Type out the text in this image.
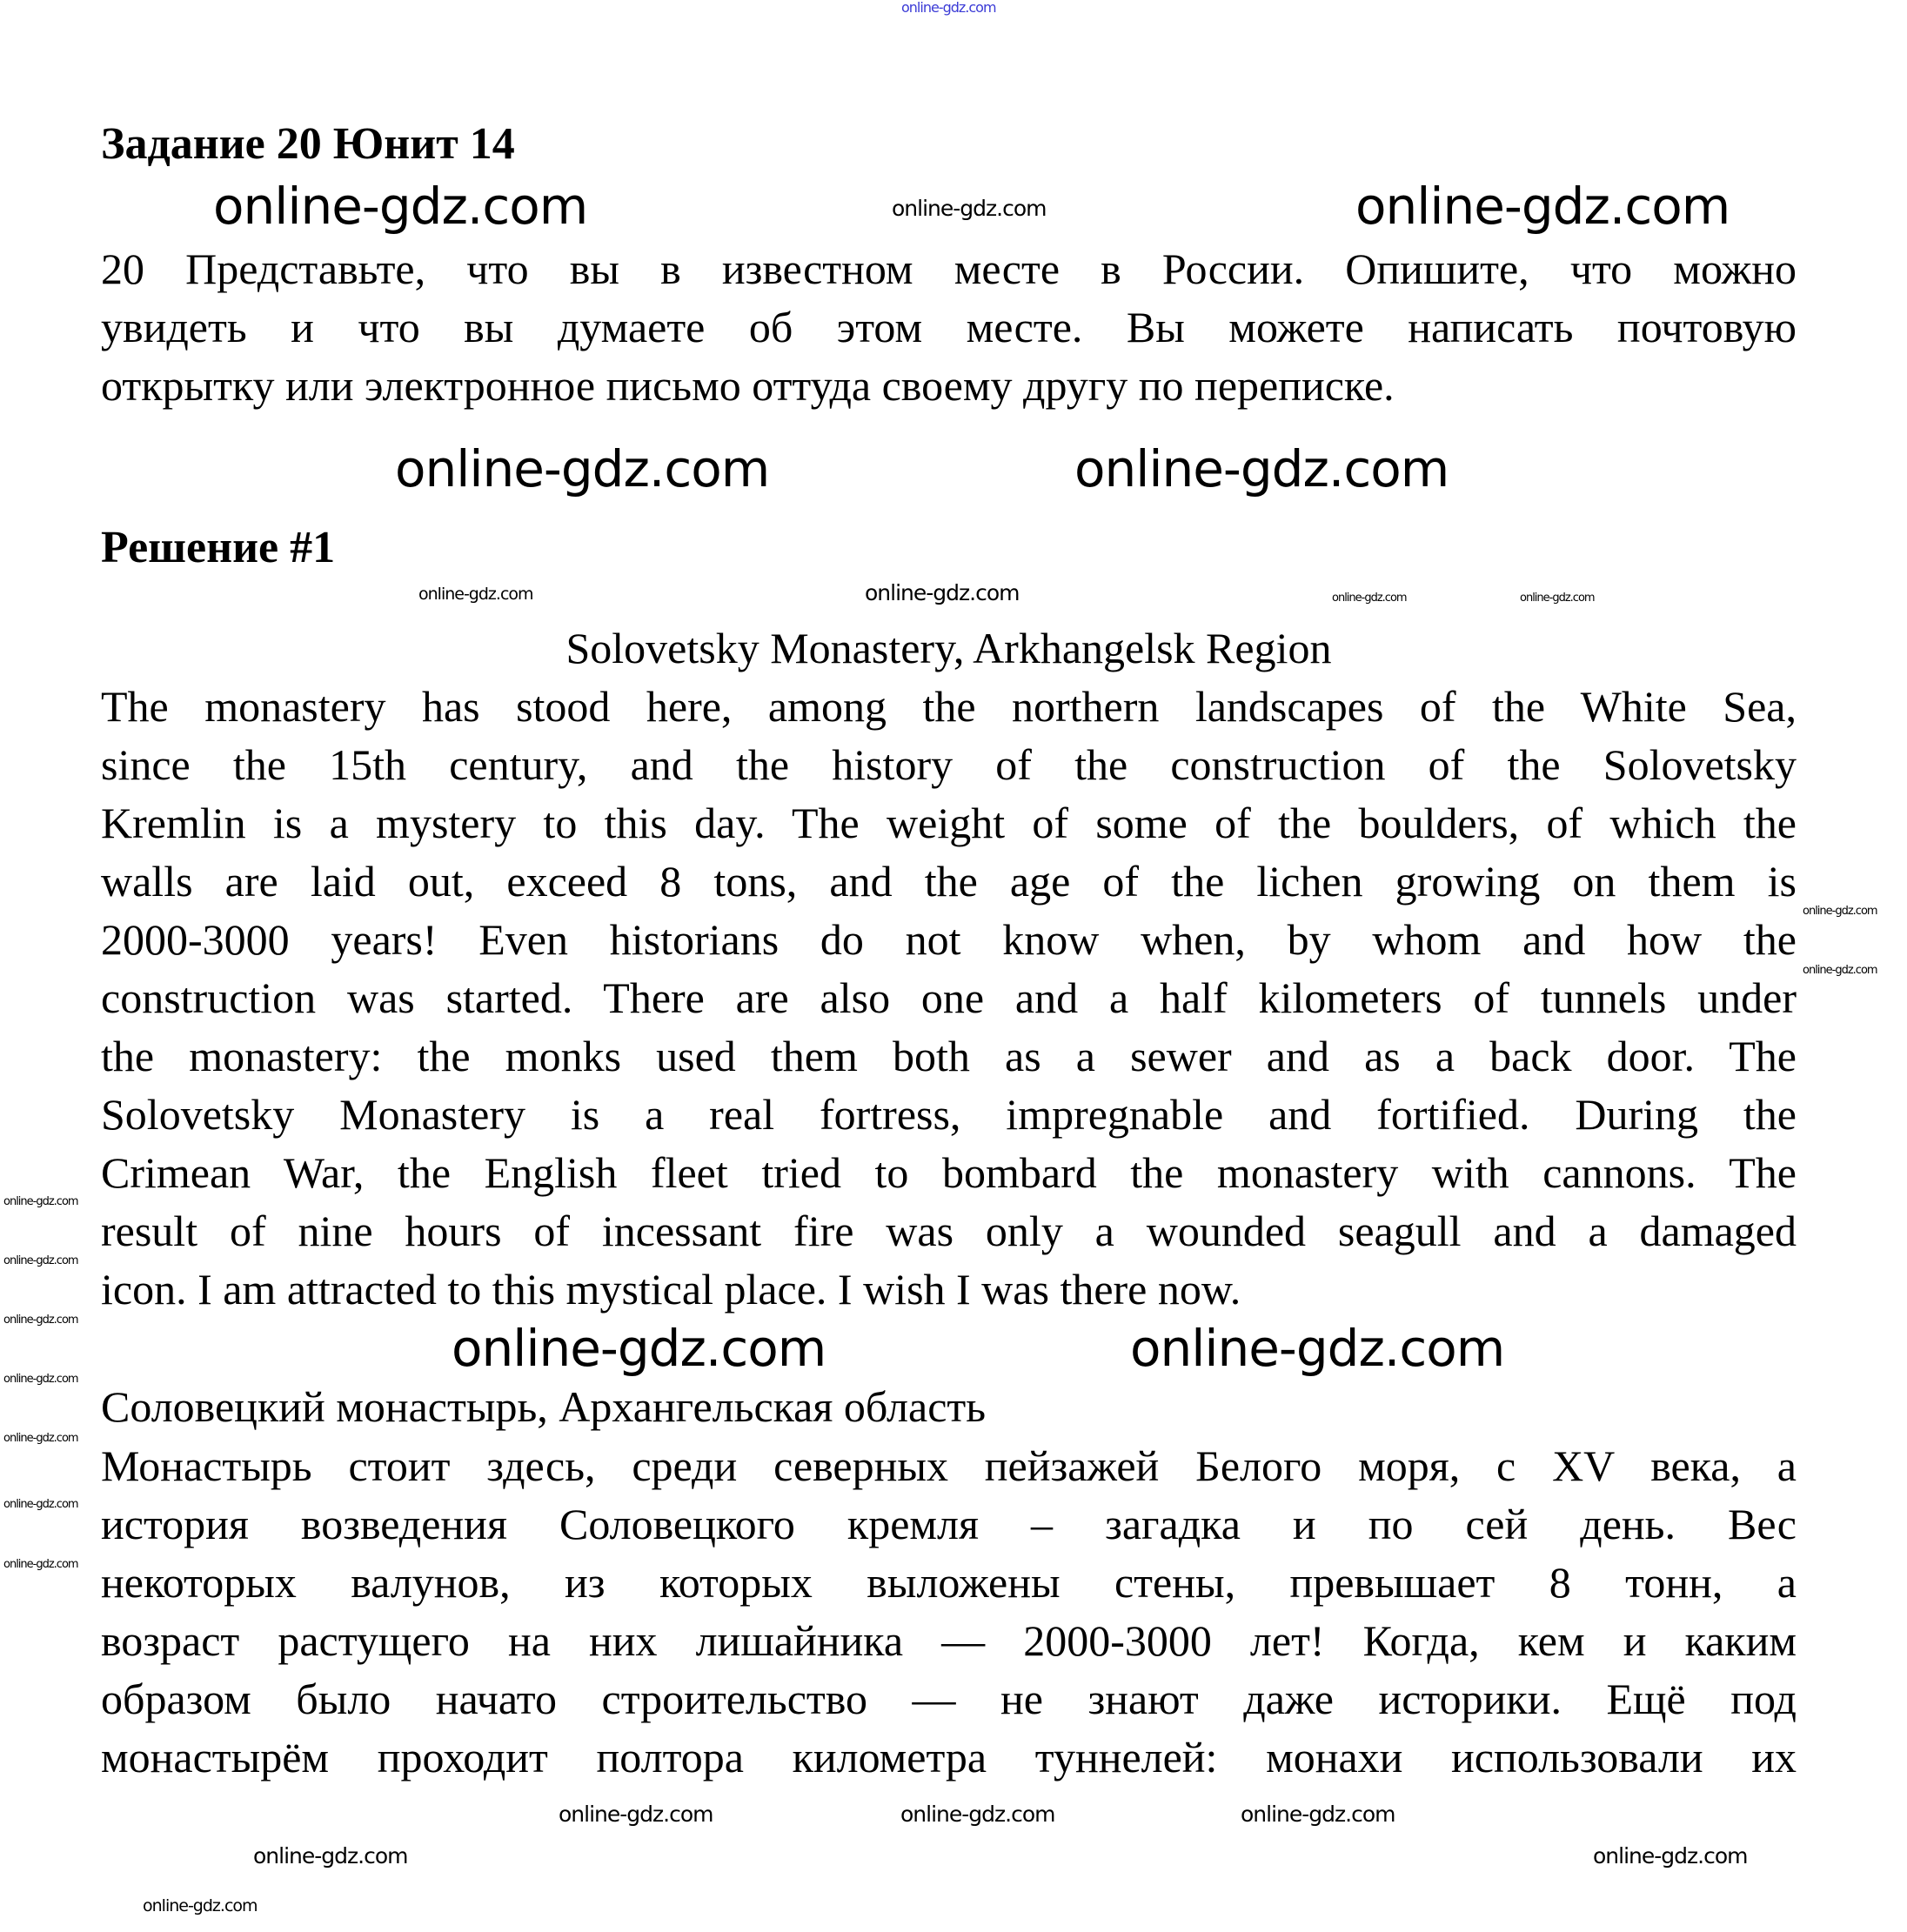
online-gdz.com
Задание 20 Юнит 14
20 Представьте, что вы в известном месте в России. Опишите, что можно
увидеть и что вы думаете об этом месте. Вы можете написать почтовую
открытку или электронное письмо оттуда своему другу по переписке.
Решение #1
Solovetsky Monastery, Arkhangelsk Region
The monastery has stood here, among the northern landscapes of the White Sea,
since the 15th century, and the history of the construction of the Solovetsky
Kremlin is a mystery to this day. The weight of some of the boulders, of which the
walls are laid out, exceed 8 tons, and the age of the lichen growing on them is
2000-3000 years! Even historians do not know when, by whom and how the
construction was started. There are also one and a half kilometers of tunnels under
the monastery: the monks used them both as a sewer and as a back door. The
Solovetsky Monastery is a real fortress, impregnable and fortified. During the
Crimean War, the English fleet tried to bombard the monastery with cannons. The
result of nine hours of incessant fire was only a wounded seagull and a damaged
icon. I am attracted to this mystical place. I wish I was there now.
Соловецкий монастырь, Архангельская область
Монастырь стоит здесь, среди северных пейзажей Белого моря, с XV века, а
история возведения Соловецкого кремля – загадка и по сей день. Вес
некоторых валунов, из которых выложены стены, превышает 8 тонн, а
возраст растущего на них лишайника — 2000-3000 лет! Когда, кем и каким
образом было начато строительство — не знают даже историки. Ещё под
монастырём проходит полтора километра туннелей: монахи использовали их
online-gdz.com	online-gdz.com
online-gdz.com
online-gdz.com	online-gdz.com
online-gdz.com
online-gdz.com	online-gdz.com	online-gdz.com	online-gdz.com
online-gdz.com
online-gdz.com
online-gdz.com
online-gdz.com
online-gdz.com	online-gdz.com	online-gdz.com
online-gdz.com
online-gdz.com
online-gdz.com
online-gdz.com
online-gdz.com	online-gdz.com	online-gdz.com
online-gdz.com	online-gdz.com
